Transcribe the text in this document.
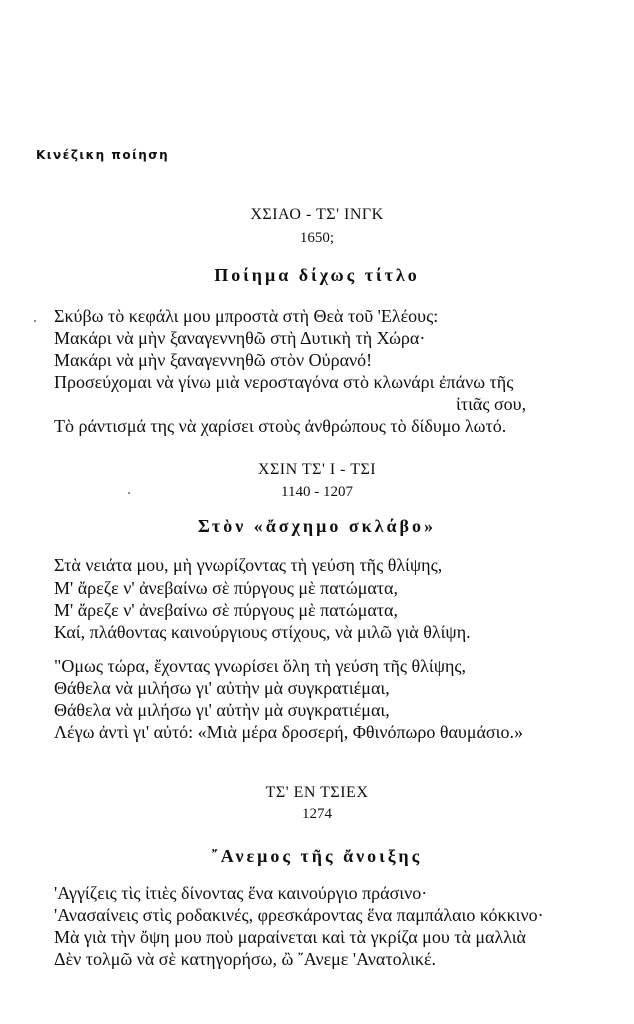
Κινέζικη ποίηση
ΧΣΙΑΟ - ΤΣ' ΙΝΓΚ
1650;
Ποίημα δίχως τίτλο
Σκύβω τὸ κεφάλι μου μπροστὰ στὴ Θεὰ τοῦ 'Ελέους:
Μακάρι νὰ μὴν ξαναγεννηθῶ στὴ Δυτικὴ τὴ Χώρα·
Μακάρι νὰ μὴν ξαναγεννηθῶ στὸν Οὐρανό!
Προσεύχομαι νὰ γίνω μιὰ νεροσταγόνα στὸ κλωνάρι ἐπάνω τῆς
ἰτιᾶς σου,
Τὸ ράντισμά της νὰ χαρίσει στοὺς ἀνθρώπους τὸ δίδυμο λωτό.
ΧΣΙΝ ΤΣ' Ι - ΤΣΙ
1140 - 1207
Στὸν «ἄσχημο σκλάβο»
Στὰ νειάτα μου, μὴ γνωρίζοντας τὴ γεύση τῆς θλίψης,
Μ' ἄρεζε ν' ἀνεβαίνω σὲ πύργους μὲ πατώματα,
Μ' ἄρεζε ν' ἀνεβαίνω σὲ πύργους μὲ πατώματα,
Καί, πλάθοντας καινούργιους στίχους, νὰ μιλῶ γιὰ θλίψη.
"Ομως τώρα, ἔχοντας γνωρίσει ὅλη τὴ γεύση τῆς θλίψης,
Θάθελα νὰ μιλήσω γι' αὐτὴν μὰ συγκρατιέμαι,
Θάθελα νὰ μιλήσω γι' αὐτὴν μὰ συγκρατιέμαι,
Λέγω ἀντὶ γι' αὐτό: «Μιὰ μέρα δροσερή, Φθινόπωρο θαυμάσιο.»
ΤΣ' ΕΝ ΤΣΙΕΧ
1274
῎Ανεμος τῆς ἄνοιξης
'Αγγίζεις τὶς ἰτιὲς δίνοντας ἕνα καινούργιο πράσινο·
'Ανασαίνεις στὶς ροδακινές, φρεσκάροντας ἕνα παμπάλαιο κόκκινο·
Μὰ γιὰ τὴν ὄψη μου ποὺ μαραίνεται καὶ τὰ γκρίζα μου τὰ μαλλιὰ
Δὲν τολμῶ νὰ σὲ κατηγορήσω, ὢ ῎Ανεμε 'Ανατολικέ.
